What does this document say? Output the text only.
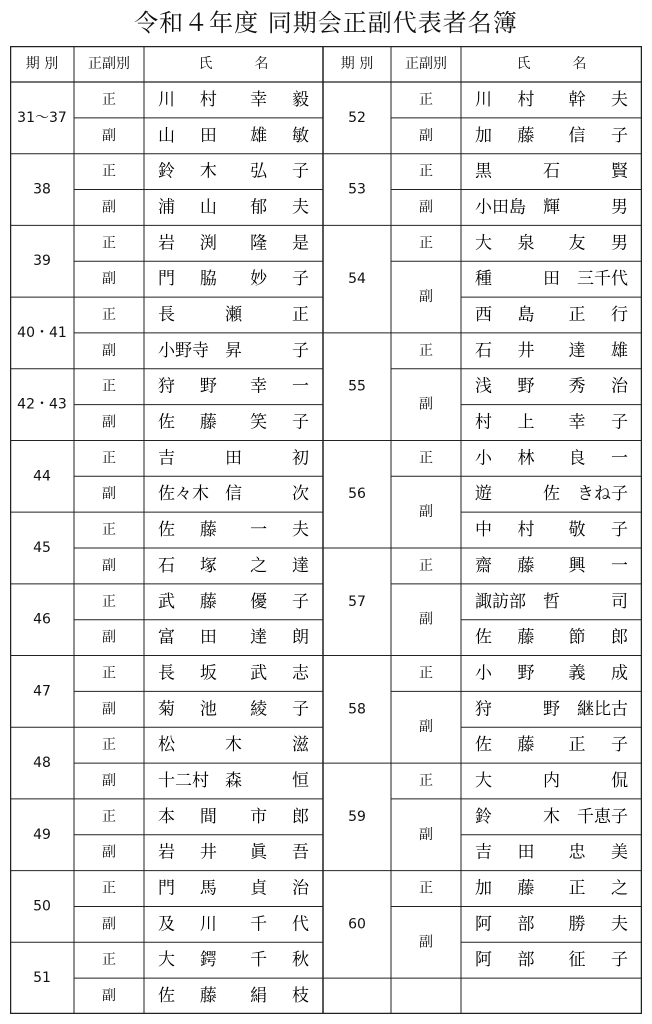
令和４年度 同期会正副代表者名簿
期 別 正副別	氏　　　名	期 別 正副別	氏　　　名
31〜37
正 川 村 幸 毅
副 山 田 雄 敏
38
正 鈴 木 弘 子
副 浦 山 郁 夫
39
正 岩 渕 隆 是
副 門 脇 妙 子
40・41
正 長	瀬	正
副 小野寺 昇	子
42・43
正 狩 野 幸 一
副 佐 藤 笑 子
44
正 吉	田	初
副 佐々木 信	次
45
正 佐 藤 一 夫
副 石 塚 之 達
46
正 武 藤 優 子
副 富 田 達 朗
47
正 長 坂 武 志
副 菊 池 綾 子
48
正 松	木	滋
副 十二村 森	恒
49
正 本 間 市 郎
副 岩 井 眞 吾
50
正 門 馬 貞 治
副 及 川 千 代
51
正 大 鍔 千 秋
副 佐 藤 絹 枝
52
正 川 村 幹 夫
副 加 藤 信 子
53
正 黒	石	賢
副 小田島 輝	男
54
正 大 泉 友 男
副
種	田 三千代
西 島 正 行
55
正 石 井 達 雄
副
浅 野 秀 治
村 上 幸 子
56
正 小 林 良 一
副
遊	佐 きね子
中 村 敬 子
57
正 齋 藤 興 一
副
諏訪部 哲	司
佐 藤 節 郎
58
正 小 野 義 成
副
狩	野 継比古
佐 藤 正 子
59
正 大	内	侃
副
鈴	木 千恵子
吉 田 忠 美
60
正 加 藤 正 之
副
阿 部 勝 夫
阿 部 征 子
